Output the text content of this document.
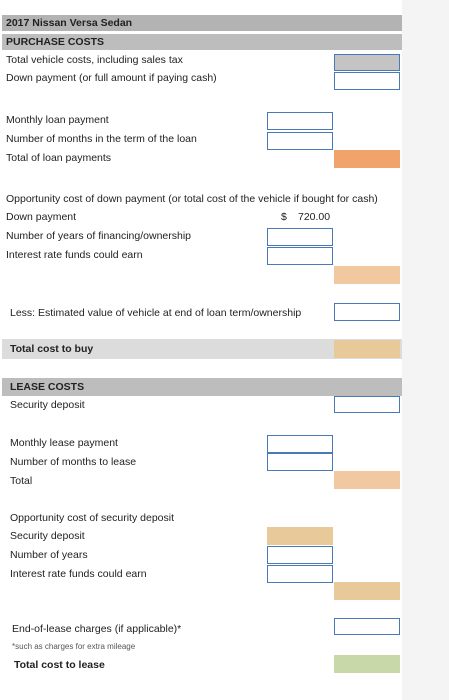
2017 Nissan Versa Sedan
PURCHASE COSTS
Total vehicle costs, including sales tax
Down payment (or full amount if paying cash)
Monthly loan payment
Number of months in the term of the loan
Total of loan payments
Opportunity cost of down payment (or total cost of the vehicle if bought for cash)
Down payment	$ 720.00
Number of years of financing/ownership
Interest rate funds could earn
Less: Estimated value of vehicle at end of loan term/ownership
Total cost to buy
LEASE COSTS
Security deposit
Monthly lease payment
Number of months to lease
Total
Opportunity cost of security deposit
Security deposit
Number of years
Interest rate funds could earn
End-of-lease charges (if applicable)*
*such as charges for extra mileage
Total cost to lease
